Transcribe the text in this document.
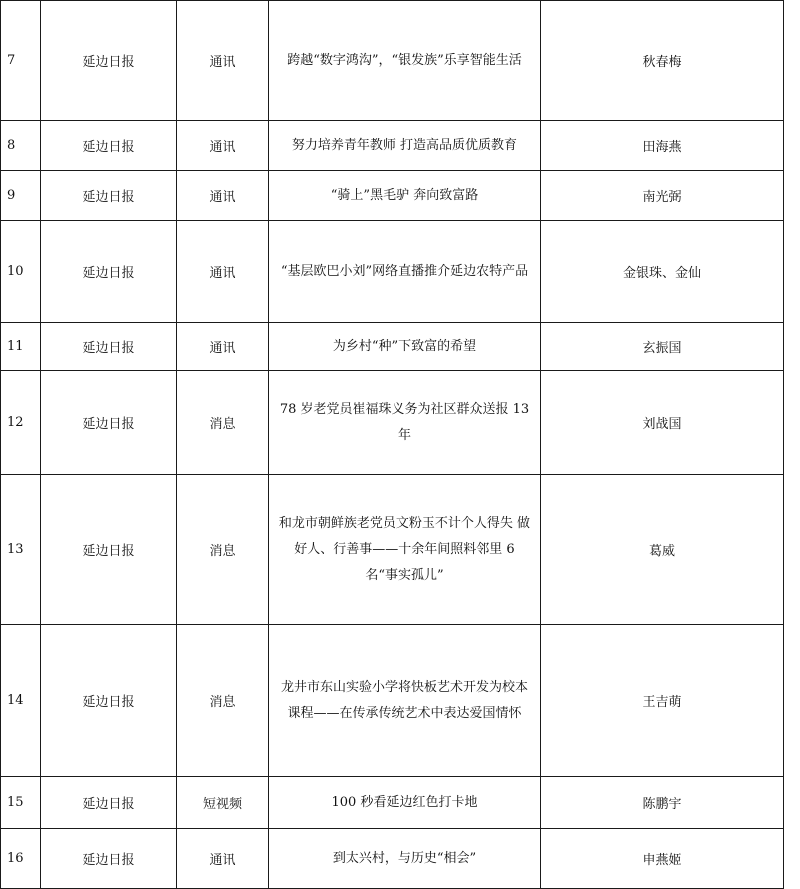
7	延边日报	通讯	跨越“数字鸿沟”，“银发族”乐享智能生活	秋春梅
8	延边日报	通讯	努力培养青年教师 打造高品质优质教育	田海燕
9	延边日报	通讯	“骑上”黑毛驴 奔向致富路	南光弼
10	延边日报	通讯	“基层欧巴小刘”网络直播推介延边农特产品	金银珠、金仙
11	延边日报	通讯	为乡村“种”下致富的希望	玄振国
12	延边日报	消息	78 岁老党员崔福珠义务为社区群众送报 13 年	刘战国
13	延边日报	消息	和龙市朝鲜族老党员文粉玉不计个人得失 做好人、行善事——十余年间照料邻里 6 名“事实孤儿”	葛威
14	延边日报	消息	龙井市东山实验小学将快板艺术开发为校本课程——在传承传统艺术中表达爱国情怀	王吉萌
15	延边日报	短视频	100 秒看延边红色打卡地	陈鹏宇
16	延边日报	通讯	到太兴村，与历史“相会”	申燕姬
